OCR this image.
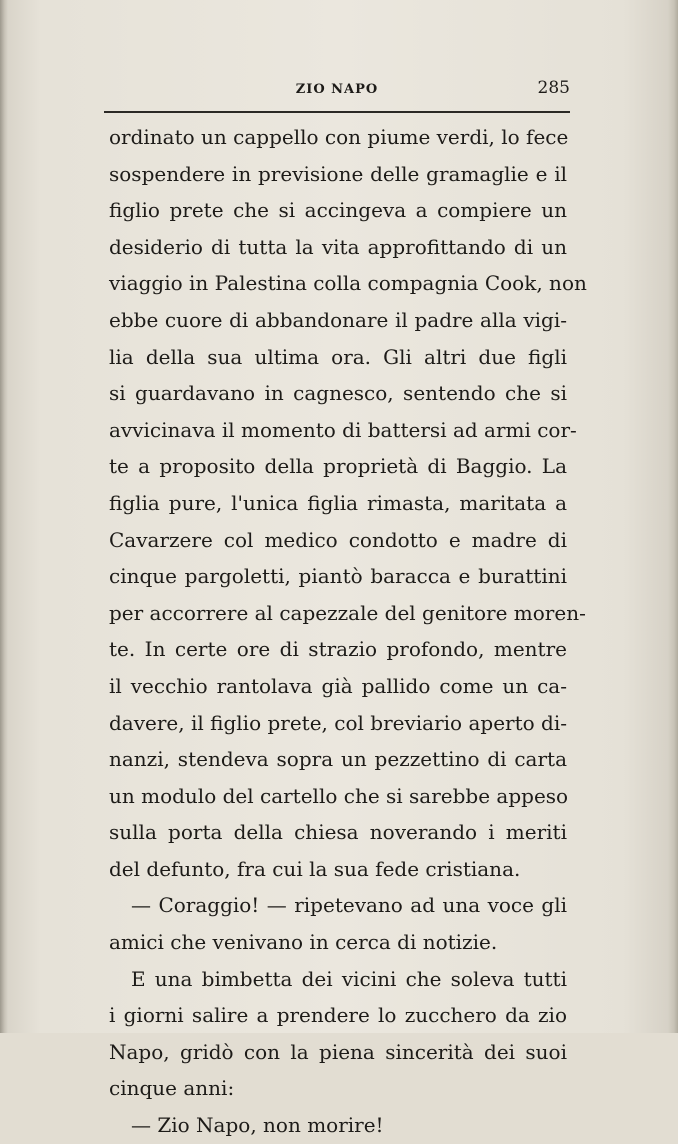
ZIO NAPO	285
ordinato un cappello con piume verdi, lo fece
sospendere in previsione delle gramaglie e il
figlio prete che si accingeva a compiere un
desiderio di tutta la vita approfittando di un
viaggio in Palestina colla compagnia Cook, non
ebbe cuore di abbandonare il padre alla vigi-
lia della sua ultima ora. Gli altri due figli
si guardavano in cagnesco, sentendo che si
avvicinava il momento di battersi ad armi cor-
te a proposito della proprietà di Baggio. La
figlia pure, l'unica figlia rimasta, maritata a
Cavarzere col medico condotto e madre di
cinque pargoletti, piantò baracca e burattini
per accorrere al capezzale del genitore moren-
te. In certe ore di strazio profondo, mentre
il vecchio rantolava già pallido come un ca-
davere, il figlio prete, col breviario aperto di-
nanzi, stendeva sopra un pezzettino di carta
un modulo del cartello che si sarebbe appeso
sulla porta della chiesa noverando i meriti
del defunto, fra cui la sua fede cristiana.
— Coraggio! — ripetevano ad una voce gli
amici che venivano in cerca di notizie.
E una bimbetta dei vicini che soleva tutti
i giorni salire a prendere lo zucchero da zio
Napo, gridò con la piena sincerità dei suoi
cinque anni:
— Zio Napo, non morire!
